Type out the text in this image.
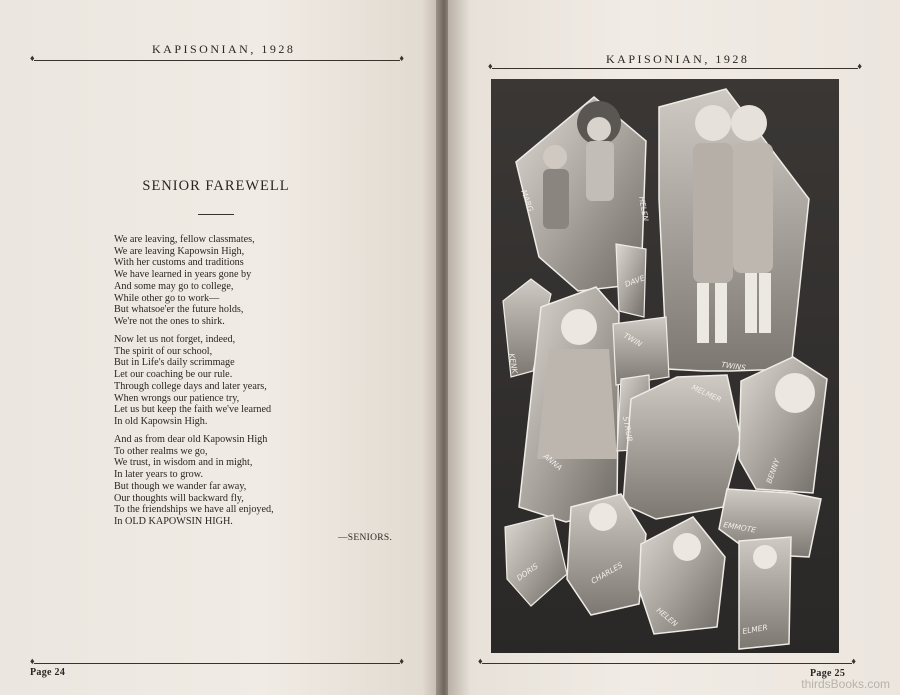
KAPISONIAN, 1928
♦ ♦
SENIOR FAREWELL
We are leaving, fellow classmates,
We are leaving Kapowsin High,
With her customs and traditions
We have learned in years gone by
And some may go to college,
While other go to work—
But whatsoe'er the future holds,
We're not the ones to shirk.
Now let us not forget, indeed,
The spirit of our school,
But in Life's daily scrimmage
Let our coaching be our rule.
Through college days and later years,
When wrongs our patience try,
Let us but keep the faith we've learned
In old Kapowsin High.
And as from dear old Kapowsin High
To other realms we go,
We trust, in wisdom and in might,
In later years to grow.
But though we wander far away,
Our thoughts will backward fly,
To the friendships we have all enjoyed,
In OLD KAPOWSIN HIGH.
—SENIORS.
♦ ♦
Page 24
KAPISONIAN, 1928
♦ ♦
♦ ♦
Page 25
MARG	HELEN
DAVE
TWINS
KENK
TWIN
ANNA
STRUB
MELMER
EMMOTE
BENNY
ELMER
CHARLES
HELEN
DORIS
thirdsBooks.com
